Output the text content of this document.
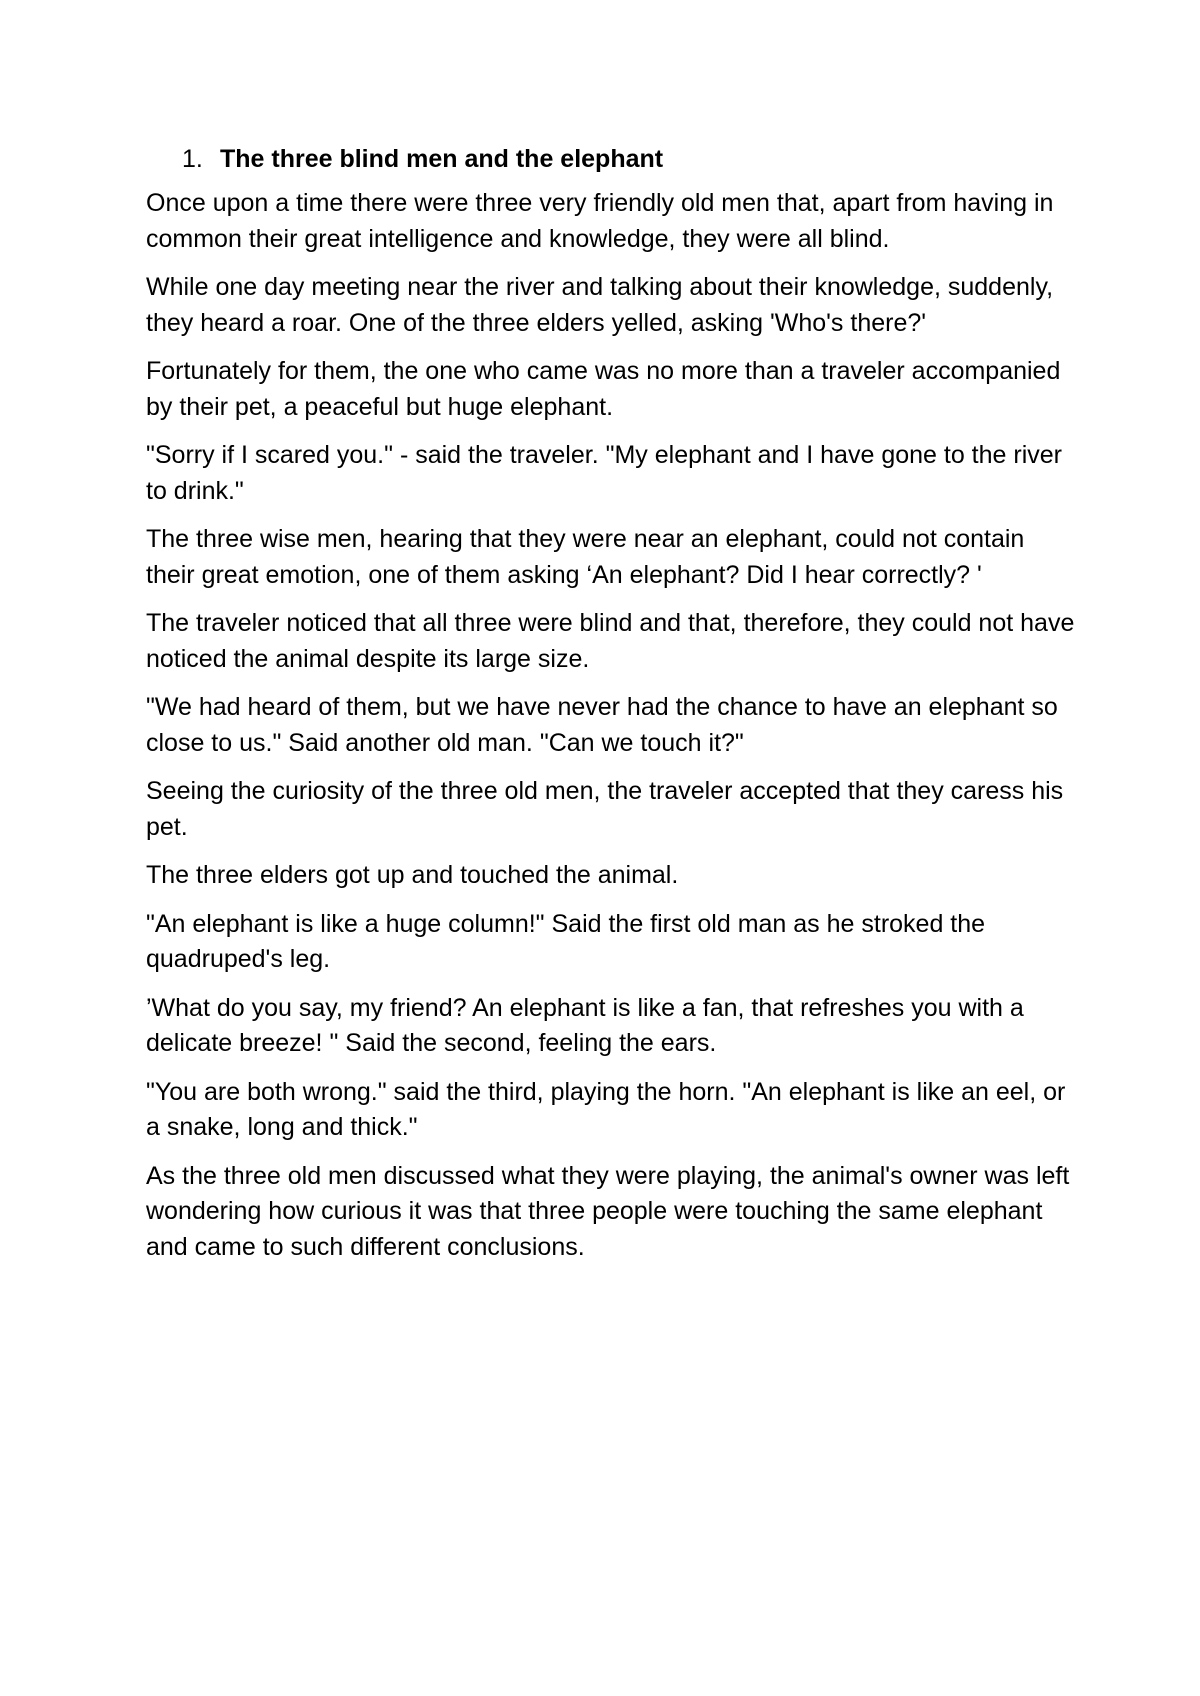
1. The three blind men and the elephant

Once upon a time there were three very friendly old men that, apart from having in common their great intelligence and knowledge, they were all blind.

While one day meeting near the river and talking about their knowledge, suddenly, they heard a roar. One of the three elders yelled, asking 'Who's there?'

Fortunately for them, the one who came was no more than a traveler accompanied by their pet, a peaceful but huge elephant.

"Sorry if I scared you." - said the traveler. "My elephant and I have gone to the river to drink."

The three wise men, hearing that they were near an elephant, could not contain their great emotion, one of them asking ‘An elephant? Did I hear correctly? '

The traveler noticed that all three were blind and that, therefore, they could not have noticed the animal despite its large size.

"We had heard of them, but we have never had the chance to have an elephant so close to us." Said another old man. "Can we touch it?"

Seeing the curiosity of the three old men, the traveler accepted that they caress his pet.

The three elders got up and touched the animal.

"An elephant is like a huge column!" Said the first old man as he stroked the quadruped's leg.

’What do you say, my friend? An elephant is like a fan, that refreshes you with a delicate breeze! " Said the second, feeling the ears.

"You are both wrong." said the third, playing the horn. "An elephant is like an eel, or a snake, long and thick."

As the three old men discussed what they were playing, the animal's owner was left wondering how curious it was that three people were touching the same elephant and came to such different conclusions.
